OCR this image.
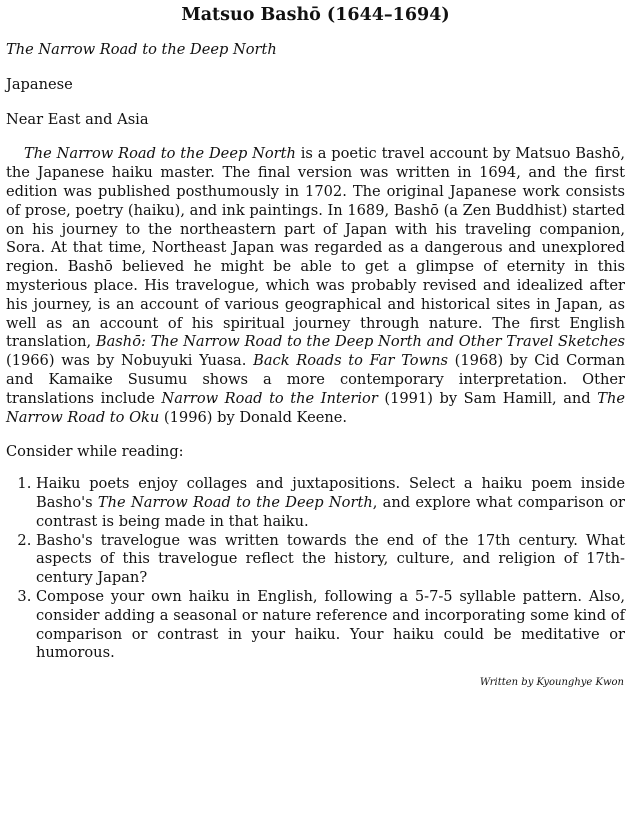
Matsuo Bashō (1644–1694)

The Narrow Road to the Deep North

Japanese

Near East and Asia

The Narrow Road to the Deep North is a poetic travel account by Matsuo Bashō, the Japanese haiku master. The final version was written in 1694, and the first edition was published posthumously in 1702. The original Japanese work consists of prose, poetry (haiku), and ink paintings. In 1689, Bashō (a Zen Buddhist) started on his journey to the northeastern part of Japan with his traveling companion, Sora. At that time, Northeast Japan was regarded as a dangerous and unexplored region. Bashō believed he might be able to get a glimpse of eternity in this mysterious place. His travelogue, which was probably revised and idealized after his journey, is an account of various geographical and historical sites in Japan, as well as an account of his spiritual journey through nature. The first English translation, Bashō: The Narrow Road to the Deep North and Other Travel Sketches (1966) was by Nobuyuki Yuasa. Back Roads to Far Towns (1968) by Cid Corman and Kamaike Susumu shows a more contemporary interpretation. Other translations include Narrow Road to the Interior (1991) by Sam Hamill, and The Narrow Road to Oku (1996) by Donald Keene.

Consider while reading:

1. Haiku poets enjoy collages and juxtapositions. Select a haiku poem inside Basho's The Narrow Road to the Deep North, and explore what comparison or contrast is being made in that haiku.
2. Basho's travelogue was written towards the end of the 17th century. What aspects of this travelogue reflect the history, culture, and religion of 17th-century Japan?
3. Compose your own haiku in English, following a 5-7-5 syllable pattern. Also, consider adding a seasonal or nature reference and incorporating some kind of comparison or contrast in your haiku. Your haiku could be meditative or humorous.

Written by Kyounghye Kwon
